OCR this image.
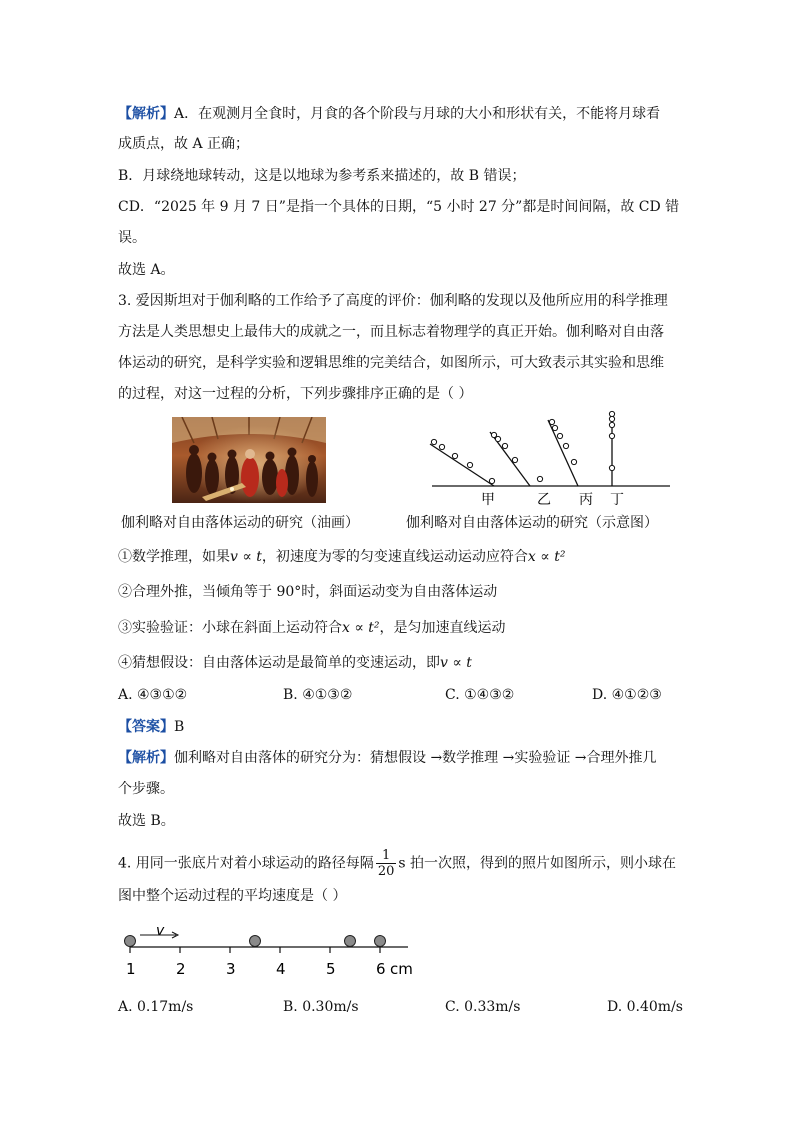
【解析】A．在观测月全食时，月食的各个阶段与月球的大小和形状有关，不能将月球看
成质点，故 A 正确；
B．月球绕地球转动，这是以地球为参考系来描述的，故 B 错误；
CD．“2025 年 9 月 7 日”是指一个具体的日期，“5 小时 27 分”都是时间间隔，故 CD 错
误。
故选 A。
3. 爱因斯坦对于伽利略的工作给予了高度的评价：伽利略的发现以及他所应用的科学推理
方法是人类思想史上最伟大的成就之一，而且标志着物理学的真正开始。伽利略对自由落
体运动的研究，是科学实验和逻辑思维的完美结合，如图所示，可大致表示其实验和思维
的过程，对这一过程的分析，下列步骤排序正确的是（ ）
甲	乙 丙 丁
伽利略对自由落体运动的研究（油画）	伽利略对自由落体运动的研究（示意图）
①数学推理，如果v ∝ t，初速度为零的匀变速直线运动运动应符合x ∝ t²
②合理外推，当倾角等于 90°时，斜面运动变为自由落体运动
③实验验证：小球在斜面上运动符合x ∝ t²，是匀加速直线运动
④猜想假设：自由落体运动是最简单的变速运动，即v ∝ t
A. ④③①②	B. ④①③②	C. ①④③②	D. ④①②③
【答案】B
【解析】伽利略对自由落体的研究分为：猜想假设 →数学推理 →实验验证 →合理外推几
个步骤。
故选 B。
4. 用同一张底片对着小球运动的路径每隔 $\frac{1}{20}$ s 拍一次照，得到的照片如图所示，则小球在
图中整个运动过程的平均速度是（ ）
v
1	2	3	4	5	6 cm
A. 0.17m/s	B. 0.30m/s	C. 0.33m/s	D. 0.40m/s
